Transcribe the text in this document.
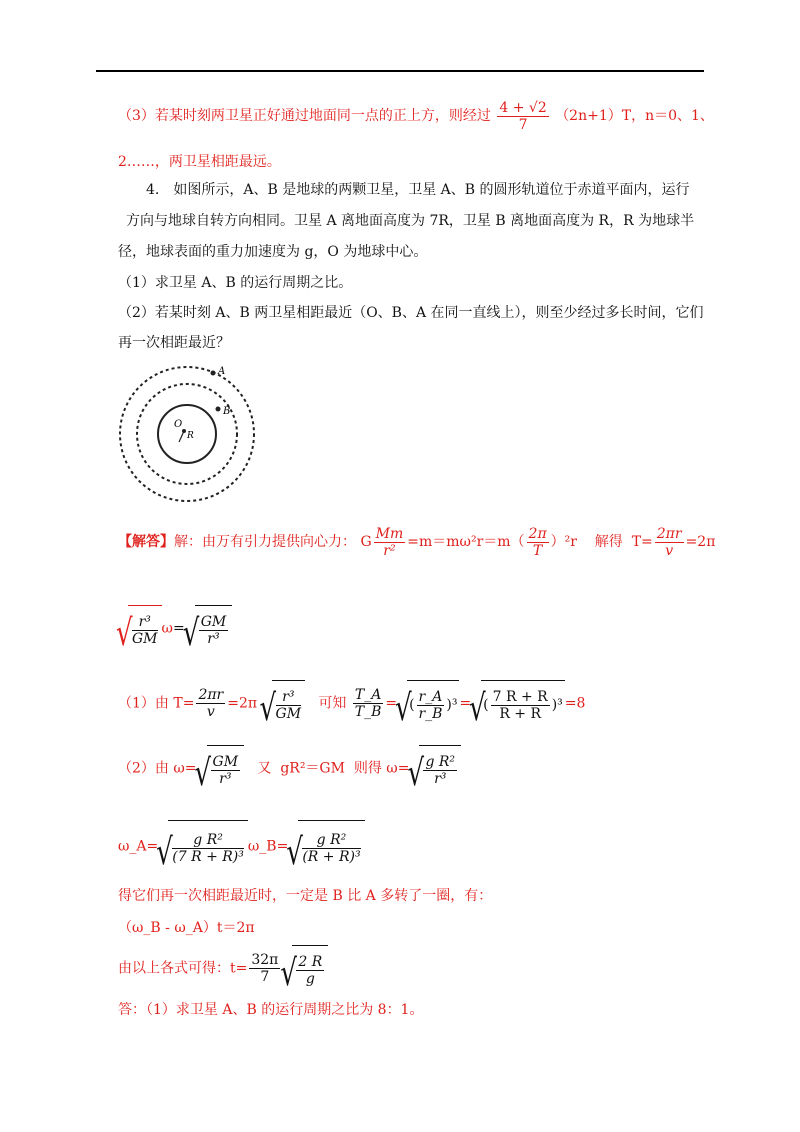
（3）若某时刻两卫星正好通过地面同一点的正上方，则经过 $\frac{4 + √2}{7} (2n+1)T$，n＝0、1、
2……，两卫星相距最远。
4.　如图所示，A、B 是地球的两颗卫星，卫星 A、B 的圆形轨道位于赤道平面内，运行
方向与地球自转方向相同。卫星 A 离地面高度为 7R，卫星 B 离地面高度为 R，R 为地球半
径，地球表面的重力加速度为 g，O 为地球中心。
（1）求卫星 A、B 的运行周期之比。
（2）若某时刻 A、B 两卫星相距最近（O、B、A 在同一直线上），则至少经过多长时间，它们
再一次相距最近？
O
R
A
B
【解答】解：由万有引力提供向心力： G $\frac{Mm}{\text{r²}} =m=m\omega^2r=m( \frac{2\pi}{T} )^2r$ 解得 $T= \frac{2\pi r}{v} =2\pi$
√ $\frac{\text{r³}}{GM} \omega=$ √ $\frac{GM}{\text{r³}}$
（1）由 $T= \frac{2\pi r}{v} =2\pi$ √ $\frac{\text{r³}}{GM}$ 可知 $\frac{T\_A}{T\_B}$ = √ ( $\frac{r\_A}{r\_B} )^3$ = √ ( $\frac{7 R + R}{R + R} )^3 =8$
（2）由 ω= √ $\frac{GM}{\text{r³}}$ 又 gR²＝GM 则得 ω= √ $\frac{\text{g R²}}{\text{r³}}$
ω_A= √ $\frac{\text{g R²}}{\text{(7 R + R)³}}$ ω_B= √ $\frac{\text{g R²}}{\text{(R + R)³}}$
得它们再一次相距最近时，一定是 B 比 A 多转了一圈，有：
（ω_B - ω_A）t＝2π
由以上各式可得：$t= \frac{32\pi}{7}$ √ $\frac{2 R}{g}$
答：（1）求卫星 A、B 的运行周期之比为 8：1。
